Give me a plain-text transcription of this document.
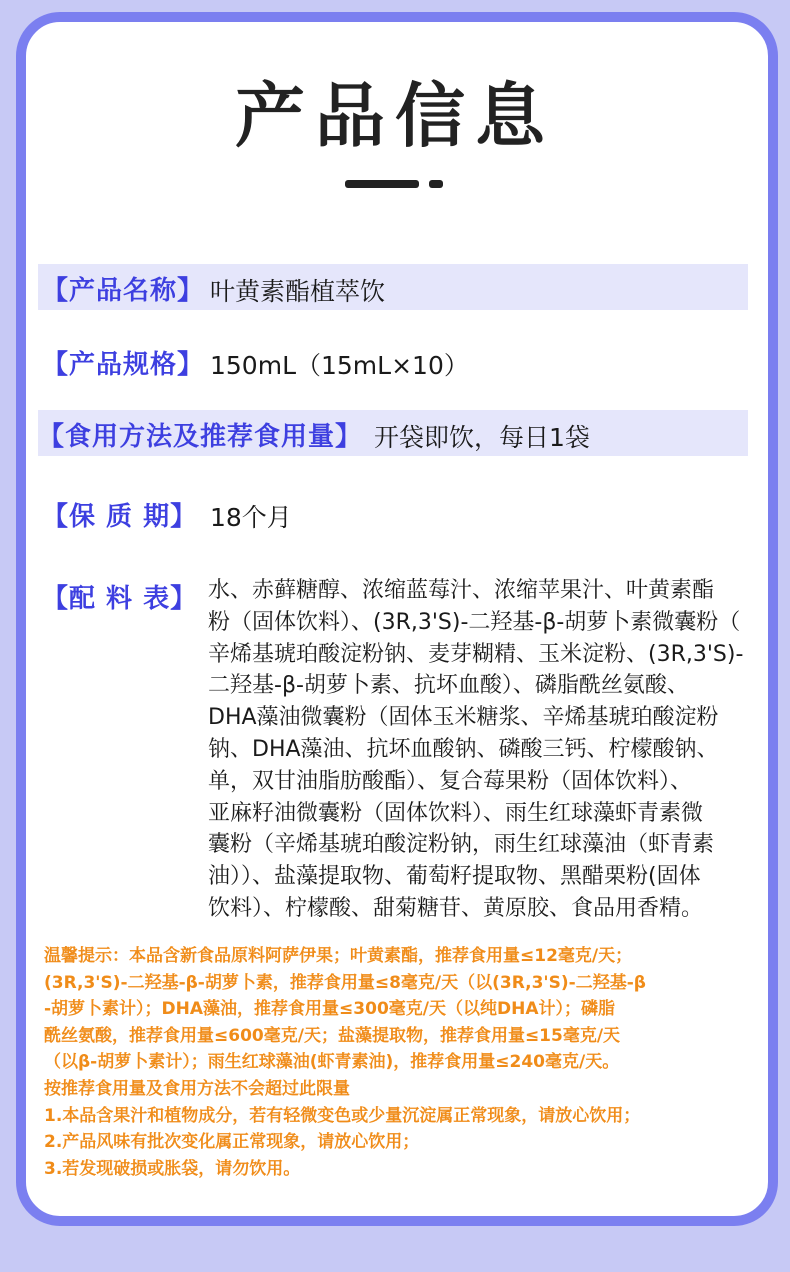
产品信息
【产品名称】 叶黄素酯植萃饮
【产品规格】 150mL（15mL×10）
【食用方法及推荐食用量】 开袋即饮，每日1袋
【保 质 期】 18个月
【配 料 表】 水、赤藓糖醇、浓缩蓝莓汁、浓缩苹果汁、叶黄素酯
粉（固体饮料）、(3R,3'S)-二羟基-β-胡萝卜素微囊粉（
辛烯基琥珀酸淀粉钠、麦芽糊精、玉米淀粉、(3R,3'S)-
二羟基-β-胡萝卜素、抗坏血酸）、磷脂酰丝氨酸、
DHA藻油微囊粉（固体玉米糖浆、辛烯基琥珀酸淀粉
钠、DHA藻油、抗坏血酸钠、磷酸三钙、柠檬酸钠、
单，双甘油脂肪酸酯）、复合莓果粉（固体饮料）、
亚麻籽油微囊粉（固体饮料）、雨生红球藻虾青素微
囊粉（辛烯基琥珀酸淀粉钠，雨生红球藻油（虾青素
油））、盐藻提取物、葡萄籽提取物、黑醋栗粉(固体
饮料）、柠檬酸、甜菊糖苷、黄原胶、食品用香精。
温馨提示：本品含新食品原料阿萨伊果；叶黄素酯，推荐食用量≤12毫克/天；
(3R,3'S)-二羟基-β-胡萝卜素，推荐食用量≤8毫克/天（以(3R,3'S)-二羟基-β
-胡萝卜素计）；DHA藻油，推荐食用量≤300毫克/天（以纯DHA计）；磷脂
酰丝氨酸，推荐食用量≤600毫克/天；盐藻提取物，推荐食用量≤15毫克/天
（以β-胡萝卜素计）；雨生红球藻油(虾青素油)，推荐食用量≤240毫克/天。
按推荐食用量及食用方法不会超过此限量
1.本品含果汁和植物成分，若有轻微变色或少量沉淀属正常现象，请放心饮用；
2.产品风味有批次变化属正常现象，请放心饮用；
3.若发现破损或胀袋，请勿饮用。
